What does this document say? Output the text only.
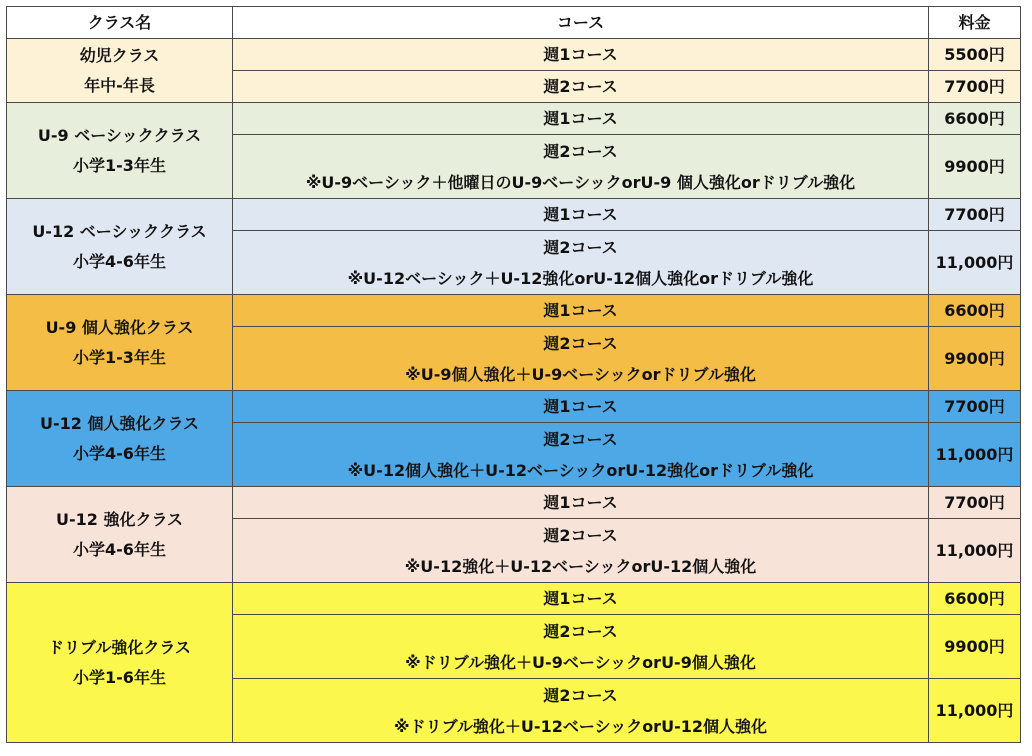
クラス名	コース	料金

幼児クラス
年中-年長	週1コース	5500円

	週2コース	7700円

U-9 ベーシッククラス
小学1-3年生	週1コース	6600円

	週2コース
※U-9ベーシック＋他曜日のU-9ベーシックorU-9 個人強化orドリブル強化	9900円

U-12 ベーシッククラス
小学4-6年生	週1コース	7700円

	週2コース
※U-12ベーシック＋U-12強化orU-12個人強化orドリブル強化	11,000円

U-9 個人強化クラス
小学1-3年生	週1コース	6600円

	週2コース
※U-9個人強化＋U-9ベーシックorドリブル強化	9900円

U-12 個人強化クラス
小学4-6年生	週1コース	7700円

	週2コース
※U-12個人強化＋U-12ベーシックorU-12強化orドリブル強化	11,000円

U-12 強化クラス
小学4-6年生	週1コース	7700円

	週2コース
※U-12強化＋U-12ベーシックorU-12個人強化	11,000円

ドリブル強化クラス
小学1-6年生	週1コース	6600円

	週2コース
※ドリブル強化＋U-9ベーシックorU-9個人強化	9900円

	週2コース
※ドリブル強化＋U-12ベーシックorU-12個人強化	11,000円
